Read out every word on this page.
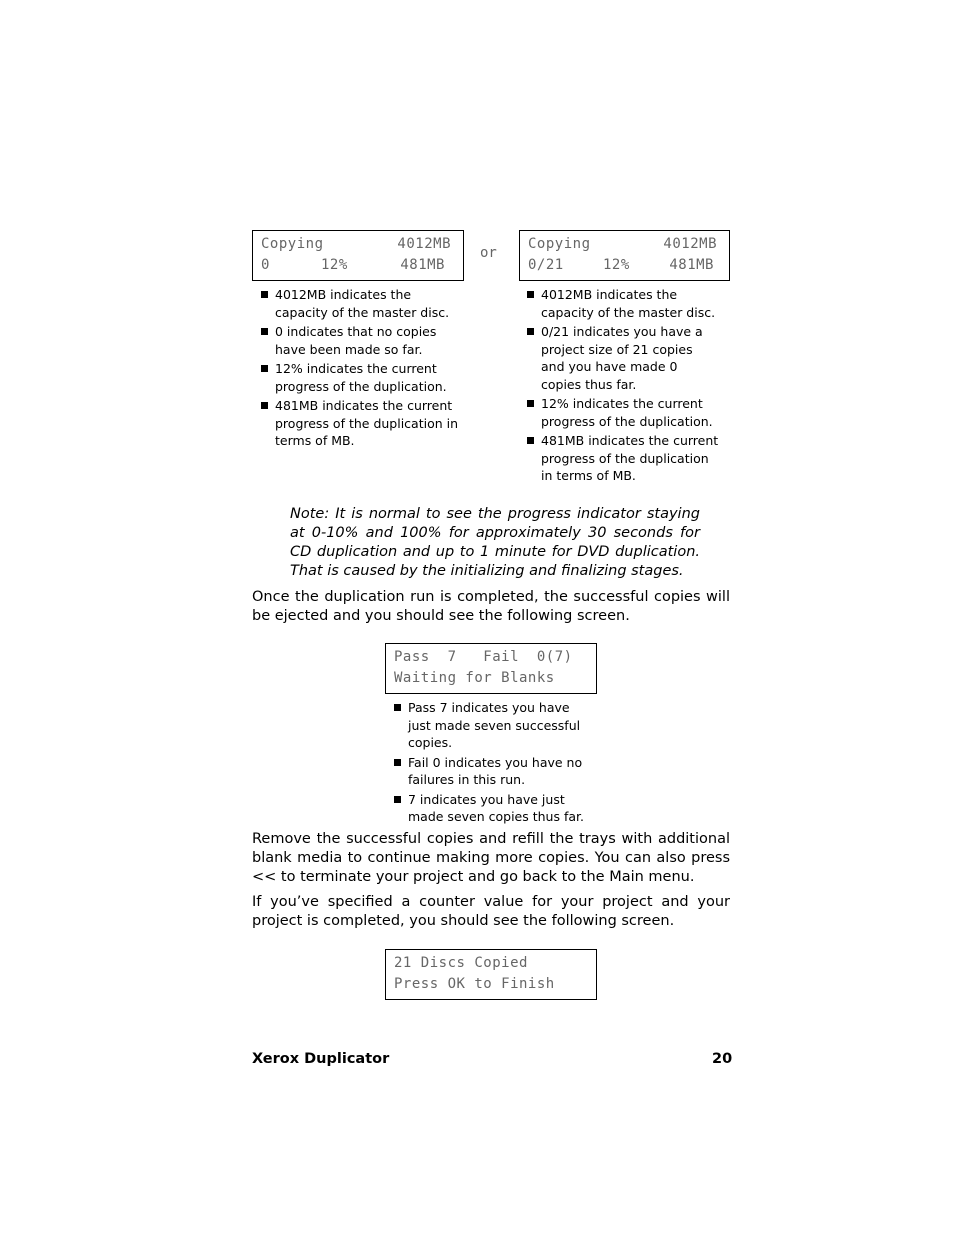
Copying	4012MB
0	12%	481MB
or
Copying	4012MB
0/21	12%	481MB
4012MB indicates the capacity of the master disc.
0 indicates that no copies have been made so far.
12% indicates the current progress of the duplication.
481MB indicates the current progress of the duplication in terms of MB.
4012MB indicates the capacity of the master disc.
0/21 indicates you have a project size of 21 copies and you have made 0 copies thus far.
12% indicates the current progress of the duplication.
481MB indicates the current progress of the duplication in terms of MB.
Note: It is normal to see the progress indicator staying at 0-10% and 100% for approximately 30 seconds for CD duplication and up to 1 minute for DVD duplication. That is caused by the initializing and finalizing stages.
Once the duplication run is completed, the successful copies will be ejected and you should see the following screen.
Pass  7   Fail  0(7)
Waiting for Blanks
Pass 7 indicates you have just made seven successful copies.
Fail 0 indicates you have no failures in this run.
7 indicates you have just made seven copies thus far.
Remove the successful copies and refill the trays with additional blank media to continue making more copies. You can also press << to terminate your project and go back to the Main menu.
If you’ve specified a counter value for your project and your project is completed, you should see the following screen.
21 Discs Copied
Press OK to Finish
Xerox Duplicator	20
